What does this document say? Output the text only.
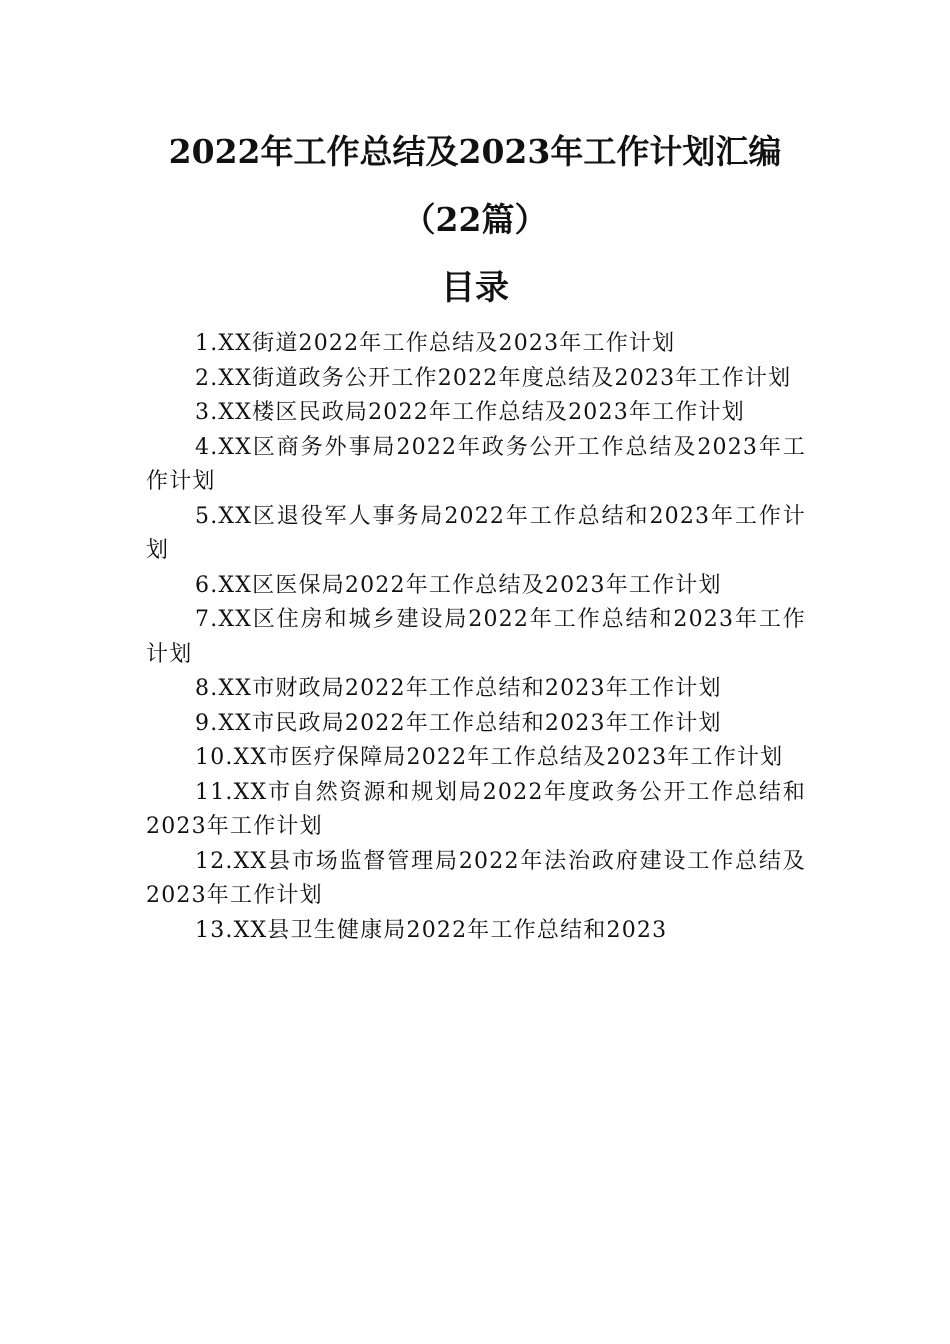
2022年工作总结及2023年工作计划汇编
（22篇）
目录
1.XX街道2022年工作总结及2023年工作计划
2.XX街道政务公开工作2022年度总结及2023年工作计划
3.XX楼区民政局2022年工作总结及2023年工作计划
4.XX区商务外事局2022年政务公开工作总结及2023年工作计划
5.XX区退役军人事务局2022年工作总结和2023年工作计划
6.XX区医保局2022年工作总结及2023年工作计划
7.XX区住房和城乡建设局2022年工作总结和2023年工作计划
8.XX市财政局2022年工作总结和2023年工作计划
9.XX市民政局2022年工作总结和2023年工作计划
10.XX市医疗保障局2022年工作总结及2023年工作计划
11.XX市自然资源和规划局2022年度政务公开工作总结和2023年工作计划
12.XX县市场监督管理局2022年法治政府建设工作总结及2023年工作计划
13.XX县卫生健康局2022年工作总结和2023
